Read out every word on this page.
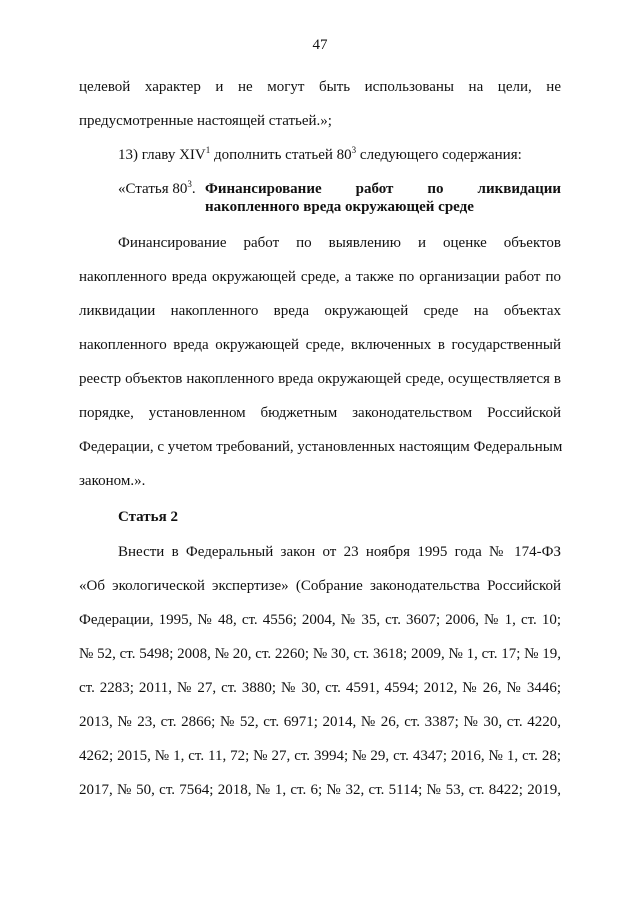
47
целевой характер и не могут быть использованы на цели, не
предусмотренные настоящей статьей.»;
13) главу XIV$^1$ дополнить статьей $80^3$ следующего содержания:
«Статья $80^3$. Финансирование работ по ликвидации
накопленного вреда окружающей среде
Финансирование работ по выявлению и оценке объектов
накопленного вреда окружающей среде, а также по организации работ по
ликвидации накопленного вреда окружающей среде на объектах
накопленного вреда окружающей среде, включенных в государственный
реестр объектов накопленного вреда окружающей среде, осуществляется в
порядке, установленном бюджетным законодательством Российской
Федерации, с учетом требований, установленных настоящим Федеральным
законом.».
Статья 2
Внести в Федеральный закон от 23 ноября 1995 года № 174-ФЗ
«Об экологической экспертизе» (Собрание законодательства Российской
Федерации, 1995, № 48, ст. 4556; 2004, № 35, ст. 3607; 2006, № 1, ст. 10;
№ 52, ст. 5498; 2008, № 20, ст. 2260; № 30, ст. 3618; 2009, № 1, ст. 17; № 19,
ст. 2283; 2011, № 27, ст. 3880; № 30, ст. 4591, 4594; 2012, № 26, № 3446;
2013, № 23, ст. 2866; № 52, ст. 6971; 2014, № 26, ст. 3387; № 30, ст. 4220,
4262; 2015, № 1, ст. 11, 72; № 27, ст. 3994; № 29, ст. 4347; 2016, № 1, ст. 28;
2017, № 50, ст. 7564; 2018, № 1, ст. 6; № 32, ст. 5114; № 53, ст. 8422; 2019,
